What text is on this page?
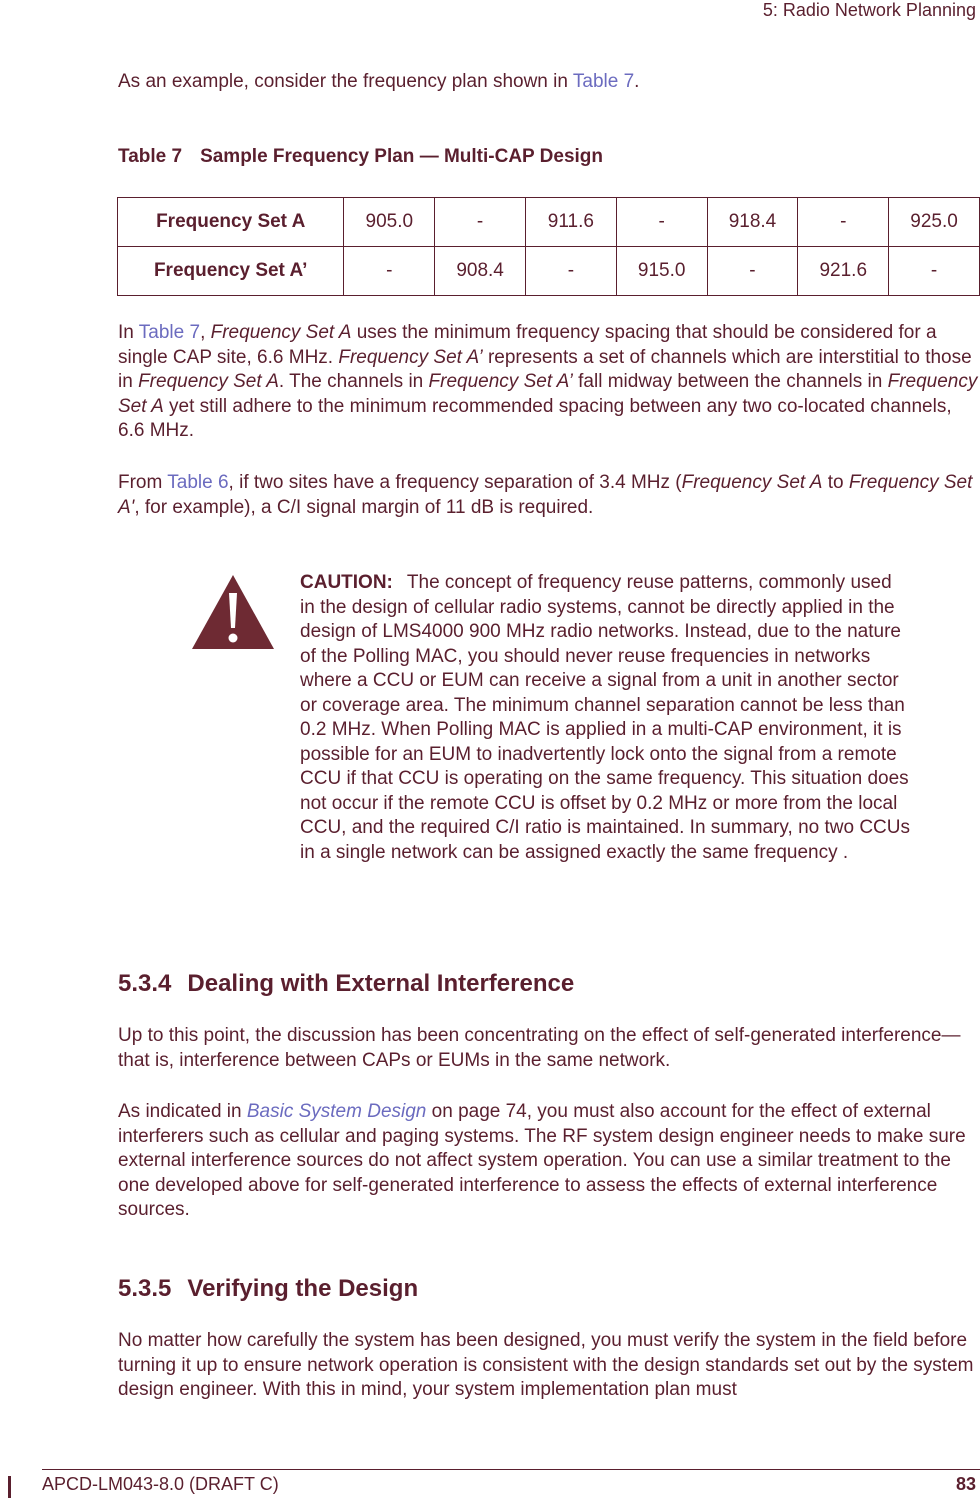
5: Radio Network Planning

As an example, consider the frequency plan shown in Table 7.

Table 7 Sample Frequency Plan — Multi-CAP Design
Frequency Set A	905.0	-	911.6	-	918.4	-	925.0
Frequency Set A’	-	908.4	-	915.0	-	921.6	-

In Table 7, Frequency Set A uses the minimum frequency spacing that should be considered for a single CAP site, 6.6 MHz. Frequency Set A’ represents a set of channels which are interstitial to those in Frequency Set A. The channels in Frequency Set A’ fall midway between the channels in Frequency Set A yet still adhere to the minimum recommended spacing between any two co-located channels, 6.6 MHz.

From Table 6, if two sites have a frequency separation of 3.4 MHz (Frequency Set A to Frequency Set A', for example), a C/I signal margin of 11 dB is required.

CAUTION: The concept of frequency reuse patterns, commonly used in the design of cellular radio systems, cannot be directly applied in the design of LMS4000 900 MHz radio networks. Instead, due to the nature of the Polling MAC, you should never reuse frequencies in networks where a CCU or EUM can receive a signal from a unit in another sector or coverage area. The minimum channel separation cannot be less than 0.2 MHz. When Polling MAC is applied in a multi-CAP environment, it is possible for an EUM to inadvertently lock onto the signal from a remote CCU if that CCU is operating on the same frequency. This situation does not occur if the remote CCU is offset by 0.2 MHz or more from the local CCU, and the required C/I ratio is maintained. In summary, no two CCUs in a single network can be assigned exactly the same frequency .

5.3.4 Dealing with External Interference

Up to this point, the discussion has been concentrating on the effect of self-generated interference—that is, interference between CAPs or EUMs in the same network.

As indicated in Basic System Design on page 74, you must also account for the effect of external interferers such as cellular and paging systems. The RF system design engineer needs to make sure external interference sources do not affect system operation. You can use a similar treatment to the one developed above for self-generated interference to assess the effects of external interference sources.

5.3.5 Verifying the Design

No matter how carefully the system has been designed, you must verify the system in the field before turning it up to ensure network operation is consistent with the design standards set out by the system design engineer. With this in mind, your system implementation plan must

APCD-LM043-8.0 (DRAFT C)	83
